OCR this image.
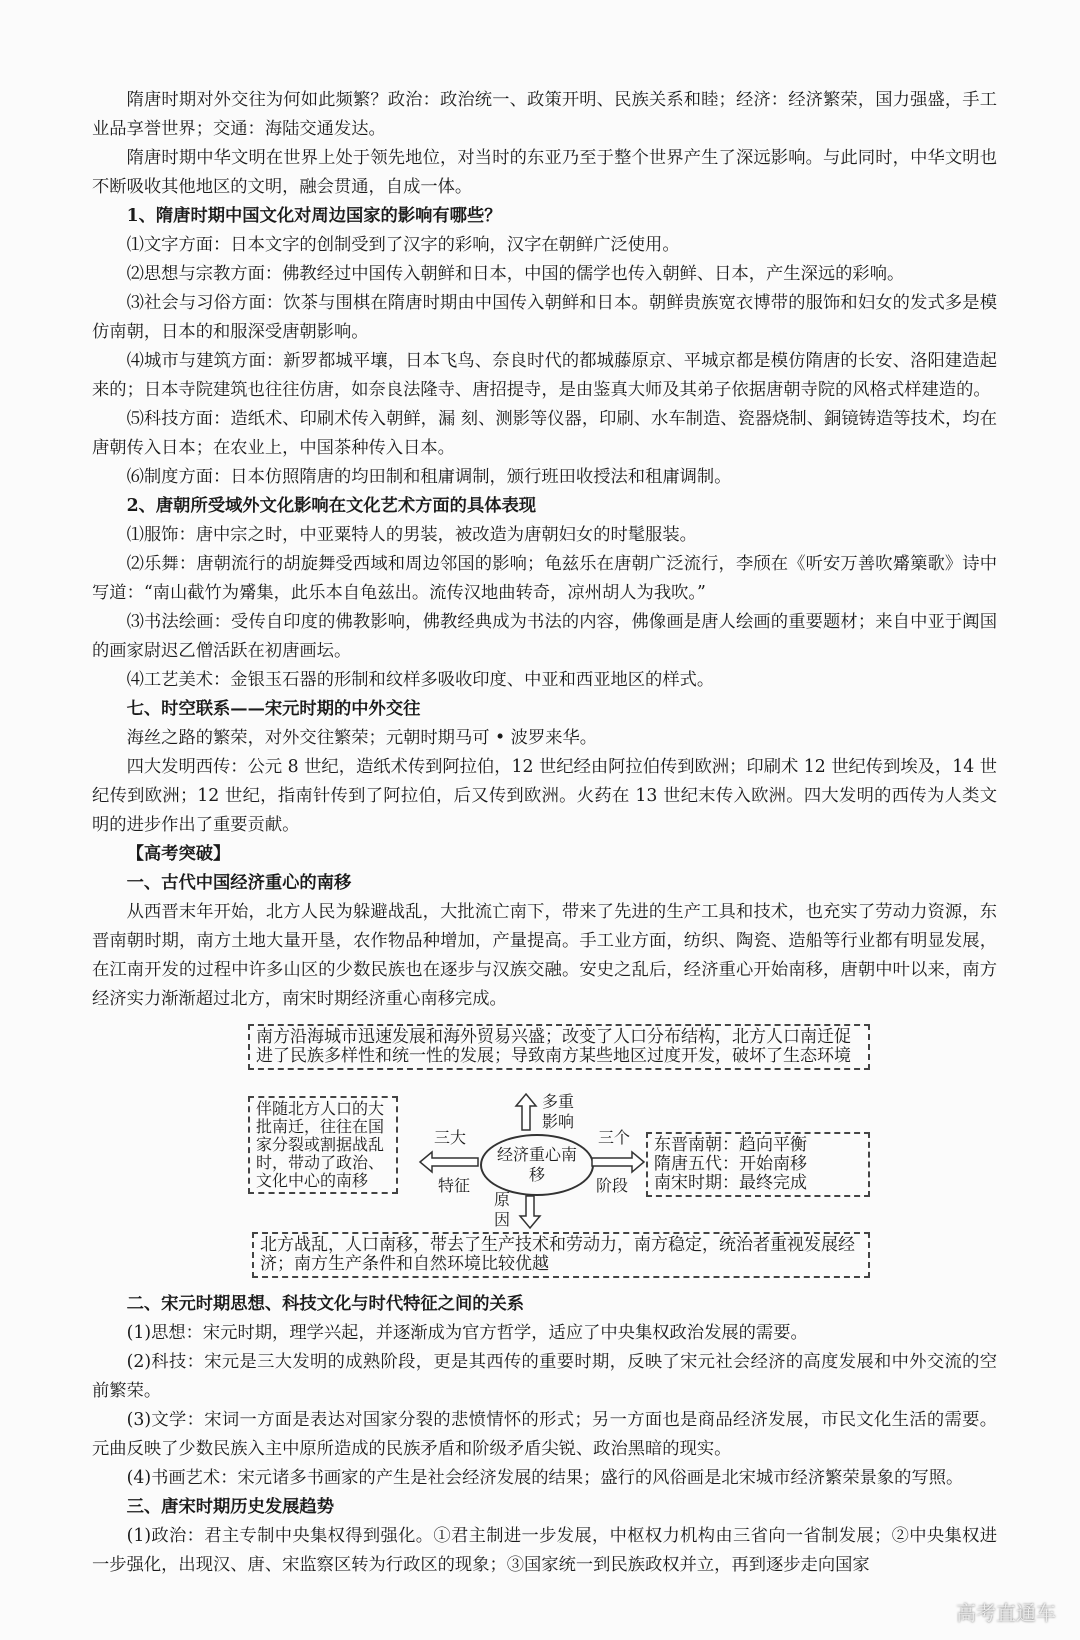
隋唐时期对外交往为何如此频繁？政治：政治统一、政策开明、民族关系和睦；经济：经济繁荣，国力强盛，手工业品享誉世界；交通：海陆交通发达。

隋唐时期中华文明在世界上处于领先地位，对当时的东亚乃至于整个世界产生了深远影响。与此同时，中华文明也不断吸收其他地区的文明，融会贯通，自成一体。

1、隋唐时期中国文化对周边国家的影响有哪些？

⑴文字方面：日本文字的创制受到了汉字的彩响，汉字在朝鲜广泛使用。

⑵思想与宗教方面：佛教经过中国传入朝鲜和日本，中国的儒学也传入朝鲜、日本，产生深远的彩响。

⑶社会与习俗方面：饮茶与围棋在隋唐时期由中国传入朝鲜和日本。朝鲜贵族宽衣博带的服饰和妇女的发式多是模仿南朝，日本的和服深受唐朝影响。

⑷城市与建筑方面：新罗都城平壤，日本飞鸟、奈良时代的都城藤原京、平城京都是模仿隋唐的长安、洛阳建造起来的；日本寺院建筑也往往仿唐，如奈良法隆寺、唐招提寺，是由鉴真大师及其弟子依据唐朝寺院的风格式样建造的。

⑸科技方面：造纸术、印刷术传入朝鲜，漏 刻、测影等仪器，印刷、水车制造、瓷器烧制、銅镜铸造等技术，均在唐朝传入日本；在农业上，中国茶种传入日本。

⑹制度方面：日本仿照隋唐的均田制和租庸调制，颁行班田收授法和租庸调制。

2、唐朝所受域外文化影响在文化艺术方面的具体表现

⑴服饰：唐中宗之时，中亚粟特人的男装，被改造为唐朝妇女的时髦服装。

⑵乐舞：唐朝流行的胡旋舞受西域和周边邻国的影响；龟兹乐在唐朝广泛流行，李颀在《听安万善吹觱篥歌》诗中写道：“南山截竹为觱集，此乐本自龟兹出。流传汉地曲转奇，凉州胡人为我吹。”

⑶书法绘画：受传自印度的佛教影响，佛教经典成为书法的内容，佛像画是唐人绘画的重要题材；来自中亚于阗国的画家尉迟乙僧活跃在初唐画坛。

⑷工艺美术：金银玉石器的形制和纹样多吸收印度、中亚和西亚地区的样式。

七、时空联系——宋元时期的中外交往

海丝之路的繁荣，对外交往繁荣；元朝时期马可 • 波罗来华。

四大发明西传：公元 8 世纪，造纸术传到阿拉伯，12 世纪经由阿拉伯传到欧洲；印刷术 12 世纪传到埃及，14 世纪传到欧洲；12 世纪，指南针传到了阿拉伯，后又传到欧洲。火药在 13 世纪末传入欧洲。四大发明的西传为人类文明的进步作出了重要贡献。

【高考突破】

一、古代中国经济重心的南移

从西晋末年开始，北方人民为躲避战乱，大批流亡南下，带来了先进的生产工具和技术，也充实了劳动力资源，东晋南朝时期，南方土地大量开垦，农作物品种增加，产量提高。手工业方面，纺织、陶瓷、造船等行业都有明显发展，在江南开发的过程中许多山区的少数民族也在逐步与汉族交融。安史之乱后，经济重心开始南移，唐朝中叶以来，南方经济实力渐渐超过北方，南宋时期经济重心南移完成。

南方沿海城市迅速发展和海外贸易兴盛；改变了人口分布结构，北方人口南迁促进了民族多样性和统一性的发展；导致南方某些地区过度开发，破坏了生态环境
伴随北方人口的大批南迁，往往在国家分裂或割据战乱时，带动了政治、文化中心的南移
东晋南朝：趋向平衡
隋唐五代：开始南移
南宋时期：最终完成
北方战乱，人口南移，带去了生产技术和劳动力，南方稳定，统治者重视发展经济；南方生产条件和自然环境比较优越
经济重心南移
多重影响
三大
特征
三个
阶段
原因

二、宋元时期思想、科技文化与时代特征之间的关系

(1)思想：宋元时期，理学兴起，并逐渐成为官方哲学，适应了中央集权政治发展的需要。

(2)科技：宋元是三大发明的成熟阶段，更是其西传的重要时期，反映了宋元社会经济的高度发展和中外交流的空前繁荣。

(3)文学：宋词一方面是表达对国家分裂的悲愤情怀的形式；另一方面也是商品经济发展，市民文化生活的需要。元曲反映了少数民族入主中原所造成的民族矛盾和阶级矛盾尖锐、政治黑暗的现实。

(4)书画艺术：宋元诸多书画家的产生是社会经济发展的结果；盛行的风俗画是北宋城市经济繁荣景象的写照。

三、唐宋时期历史发展趋势

(1)政治：君主专制中央集权得到强化。①君主制进一步发展，中枢权力机构由三省向一省制发展；②中央集权进一步强化，出现汉、唐、宋监察区转为行政区的现象；③国家统一到民族政权并立，再到逐步走向国家

高考直通车
